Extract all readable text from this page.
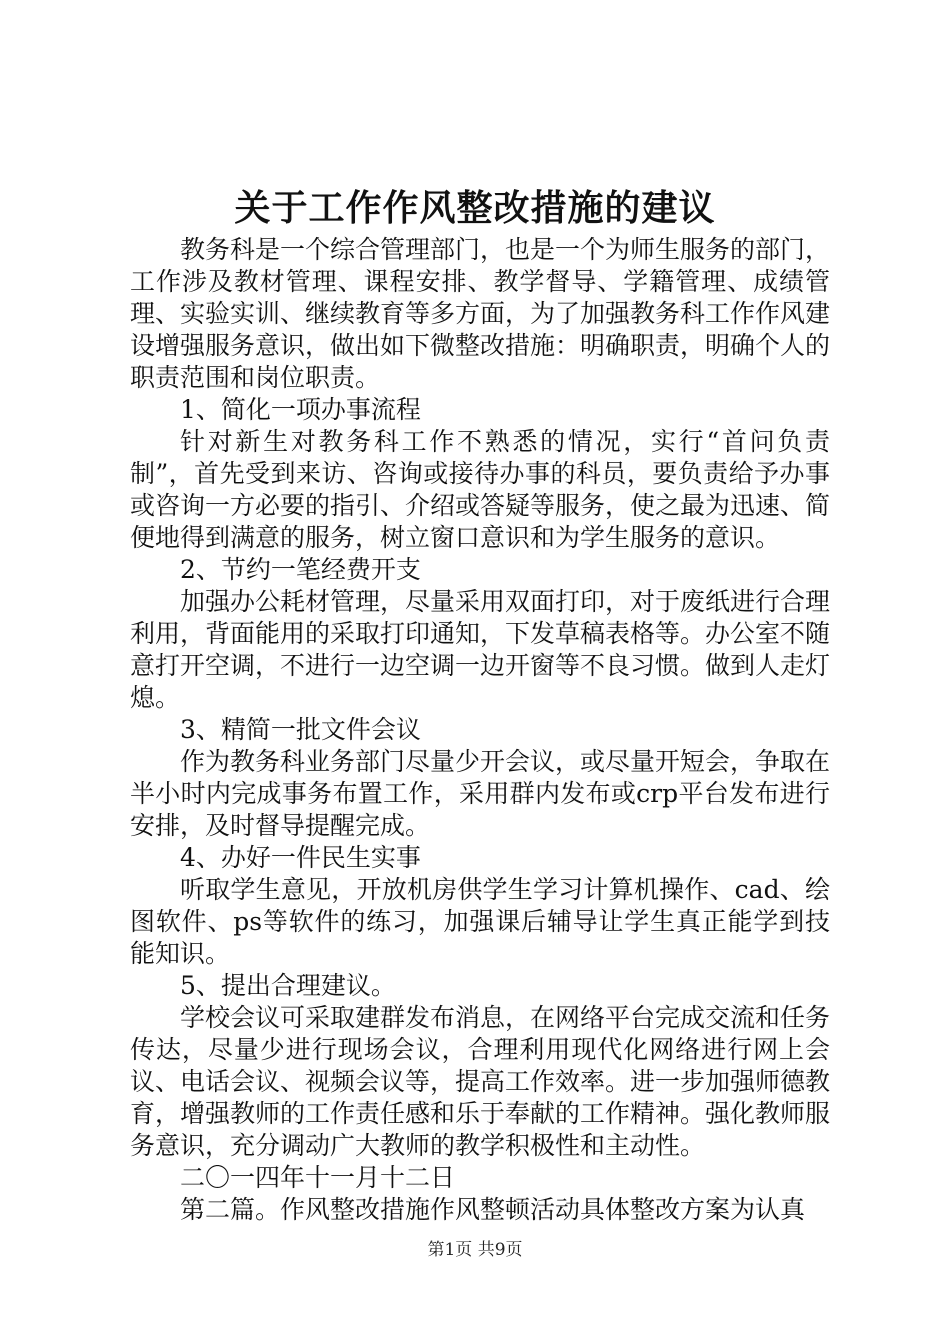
关于工作作风整改措施的建议

教务科是一个综合管理部门，也是一个为师生服务的部门，工作涉及教材管理、课程安排、教学督导、学籍管理、成绩管理、实验实训、继续教育等多方面，为了加强教务科工作作风建设增强服务意识，做出如下微整改措施：明确职责，明确个人的职责范围和岗位职责。

1、简化一项办事流程

针对新生对教务科工作不熟悉的情况，实行“首问负责制”，首先受到来访、咨询或接待办事的科员，要负责给予办事或咨询一方必要的指引、介绍或答疑等服务，使之最为迅速、简便地得到满意的服务，树立窗口意识和为学生服务的意识。

2、节约一笔经费开支

加强办公耗材管理，尽量采用双面打印，对于废纸进行合理利用，背面能用的采取打印通知，下发草稿表格等。办公室不随意打开空调，不进行一边空调一边开窗等不良习惯。做到人走灯熄。

3、精简一批文件会议

作为教务科业务部门尽量少开会议，或尽量开短会，争取在半小时内完成事务布置工作，采用群内发布或crp平台发布进行安排，及时督导提醒完成。

4、办好一件民生实事

听取学生意见，开放机房供学生学习计算机操作、cad、绘图软件、ps等软件的练习，加强课后辅导让学生真正能学到技能知识。

5、提出合理建议。

学校会议可采取建群发布消息，在网络平台完成交流和任务传达，尽量少进行现场会议，合理利用现代化网络进行网上会议、电话会议、视频会议等，提高工作效率。进一步加强师德教育，增强教师的工作责任感和乐于奉献的工作精神。强化教师服务意识，充分调动广大教师的教学积极性和主动性。

二〇一四年十一月十二日

第二篇。作风整改措施作风整顿活动具体整改方案为认真

第1页 共9页
